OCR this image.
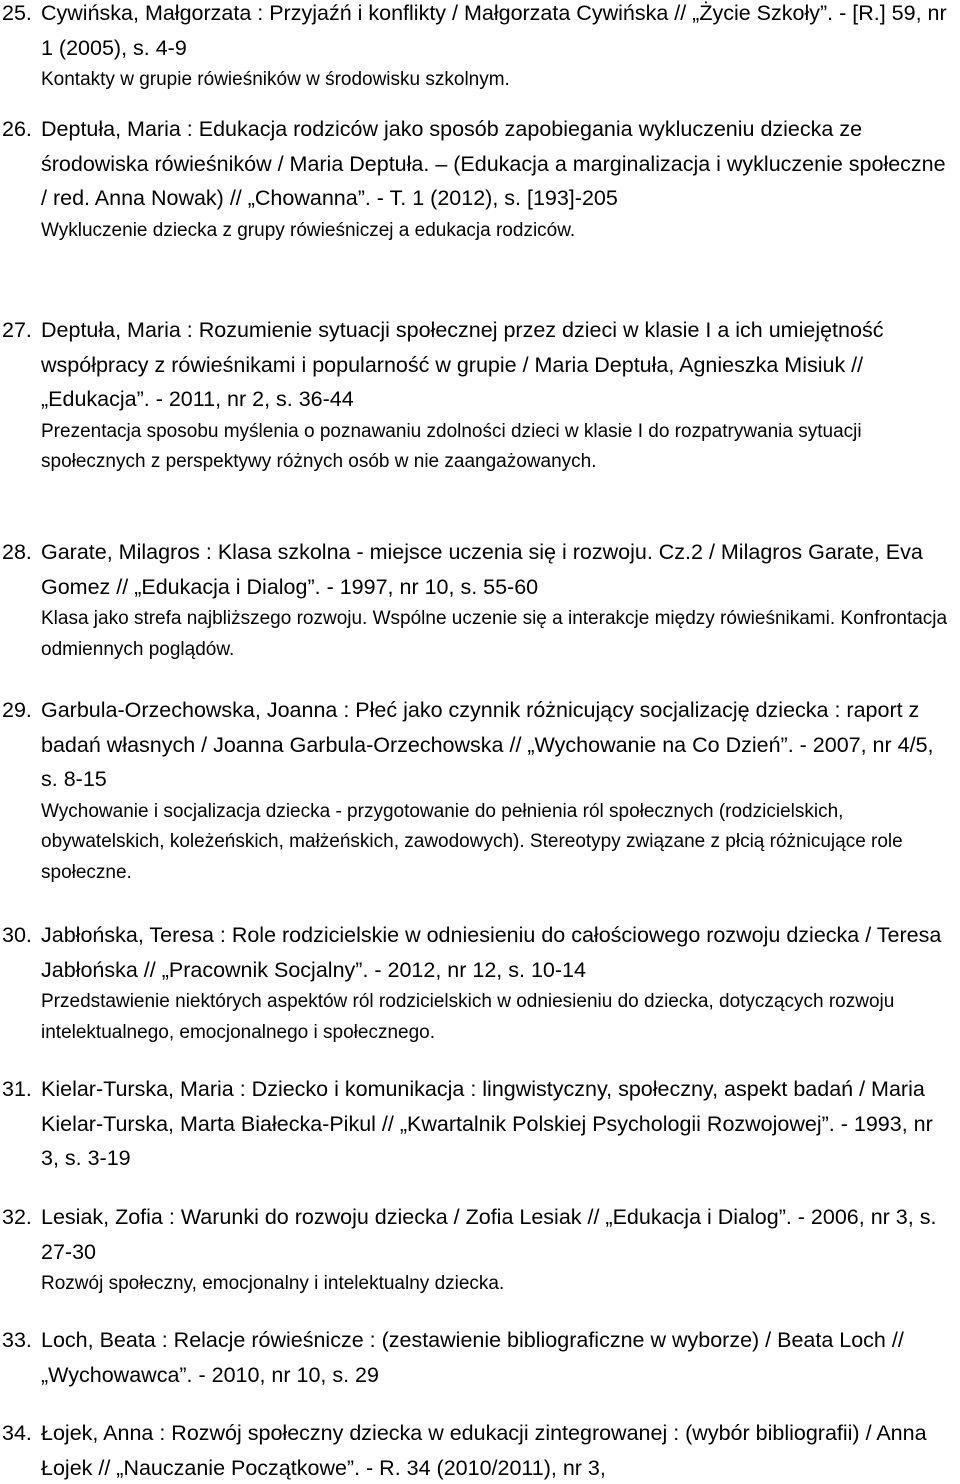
25. Cywińska, Małgorzata : Przyjaźń i konflikty / Małgorzata Cywińska // „Życie Szkoły”. - [R.] 59, nr 1 (2005), s. 4-9
Kontakty w grupie rówieśników w środowisku szkolnym.
26. Deptuła, Maria : Edukacja rodziców jako sposób zapobiegania wykluczeniu dziecka ze środowiska rówieśników / Maria Deptuła. – (Edukacja a marginalizacja i wykluczenie społeczne / red. Anna Nowak) // „Chowanna”. - T. 1 (2012), s. [193]-205
Wykluczenie dziecka z grupy rówieśniczej a edukacja rodziców.
27. Deptuła, Maria : Rozumienie sytuacji społecznej przez dzieci w klasie I a ich umiejętność współpracy z rówieśnikami i popularność w grupie / Maria Deptuła, Agnieszka Misiuk // „Edukacja”. - 2011, nr 2, s. 36-44
Prezentacja sposobu myślenia o poznawaniu zdolności dzieci w klasie I do rozpatrywania sytuacji społecznych z perspektywy różnych osób w nie zaangażowanych.
28. Garate, Milagros : Klasa szkolna - miejsce uczenia się i rozwoju. Cz.2 / Milagros Garate, Eva Gomez // „Edukacja i Dialog”. - 1997, nr 10, s. 55-60
Klasa jako strefa najbliższego rozwoju. Wspólne uczenie się a interakcje między rówieśnikami. Konfrontacja odmiennych poglądów.
29. Garbula-Orzechowska, Joanna : Płeć jako czynnik różnicujący socjalizację dziecka : raport z badań własnych / Joanna Garbula-Orzechowska // „Wychowanie na Co Dzień”. - 2007, nr 4/5, s. 8-15
Wychowanie i socjalizacja dziecka - przygotowanie do pełnienia ról społecznych (rodzicielskich, obywatelskich, koleżeńskich, małżeńskich, zawodowych). Stereotypy związane z płcią różnicujące role społeczne.
30. Jabłońska, Teresa : Role rodzicielskie w odniesieniu do całościowego rozwoju dziecka / Teresa Jabłońska // „Pracownik Socjalny”. - 2012, nr 12, s. 10-14
Przedstawienie niektórych aspektów ról rodzicielskich w odniesieniu do dziecka, dotyczących rozwoju intelektualnego, emocjonalnego i społecznego.
31. Kielar-Turska, Maria : Dziecko i komunikacja : lingwistyczny, społeczny, aspekt badań / Maria Kielar-Turska, Marta Białecka-Pikul // „Kwartalnik Polskiej Psychologii Rozwojowej”. - 1993, nr 3, s. 3-19
32. Lesiak, Zofia : Warunki do rozwoju dziecka / Zofia Lesiak // „Edukacja i Dialog”. - 2006, nr 3, s. 27-30
Rozwój społeczny, emocjonalny i intelektualny dziecka.
33. Loch, Beata : Relacje rówieśnicze : (zestawienie bibliograficzne w wyborze) / Beata Loch // „Wychowawca”. - 2010, nr 10, s. 29
34. Łojek, Anna : Rozwój społeczny dziecka w edukacji zintegrowanej : (wybór bibliografii) / Anna Łojek // „Nauczanie Początkowe”. - R. 34 (2010/2011), nr 3,
